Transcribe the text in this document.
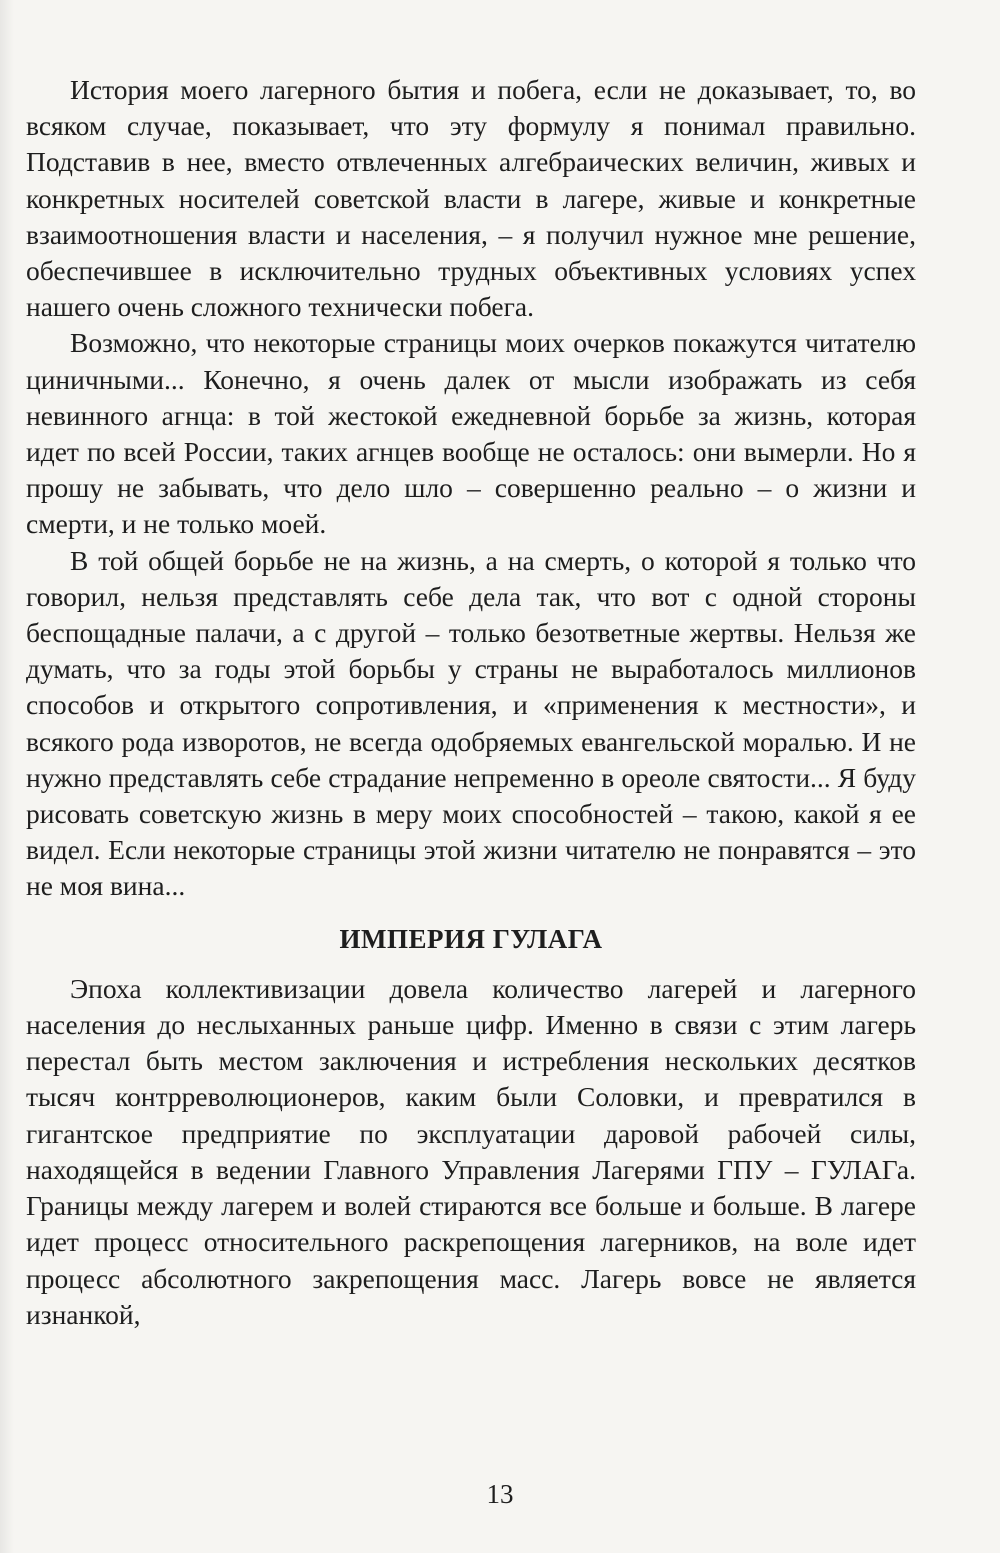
История моего лагерного бытия и побега, если не доказывает, то, во всяком случае, показывает, что эту формулу я понимал правильно. Подставив в нее, вместо отвлеченных алгебраических величин, живых и конкретных носителей советской власти в лагере, живые и конкретные взаимоотношения власти и населения, – я получил нужное мне решение, обеспечившее в исключительно трудных объективных условиях успех нашего очень сложного технически побега.

Возможно, что некоторые страницы моих очерков покажутся читателю циничными... Конечно, я очень далек от мысли изображать из себя невинного агнца: в той жестокой ежедневной борьбе за жизнь, которая идет по всей России, таких агнцев вообще не осталось: они вымерли. Но я прошу не забывать, что дело шло – совершенно реально – о жизни и смерти, и не только моей.

В той общей борьбе не на жизнь, а на смерть, о которой я только что говорил, нельзя представлять себе дела так, что вот с одной стороны беспощадные палачи, а с другой – только безответные жертвы. Нельзя же думать, что за годы этой борьбы у страны не выработалось миллионов способов и открытого сопротивления, и «применения к местности», и всякого рода изворотов, не всегда одобряемых евангельской моралью. И не нужно представлять себе страдание непременно в ореоле святости... Я буду рисовать советскую жизнь в меру моих способностей – такою, какой я ее видел. Если некоторые страницы этой жизни читателю не понравятся – это не моя вина...

ИМПЕРИЯ ГУЛАГА

Эпоха коллективизации довела количество лагерей и лагерного населения до неслыханных раньше цифр. Именно в связи с этим лагерь перестал быть местом заключения и истребления нескольких десятков тысяч контрреволюционеров, каким были Соловки, и превратился в гигантское предприятие по эксплуатации даровой рабочей силы, находящейся в ведении Главного Управления Лагерями ГПУ – ГУЛАГа. Границы между лагерем и волей стираются все больше и больше. В лагере идет процесс относительного раскрепощения лагерников, на воле идет процесс абсолютного закрепощения масс. Лагерь вовсе не является изнанкой,

13
